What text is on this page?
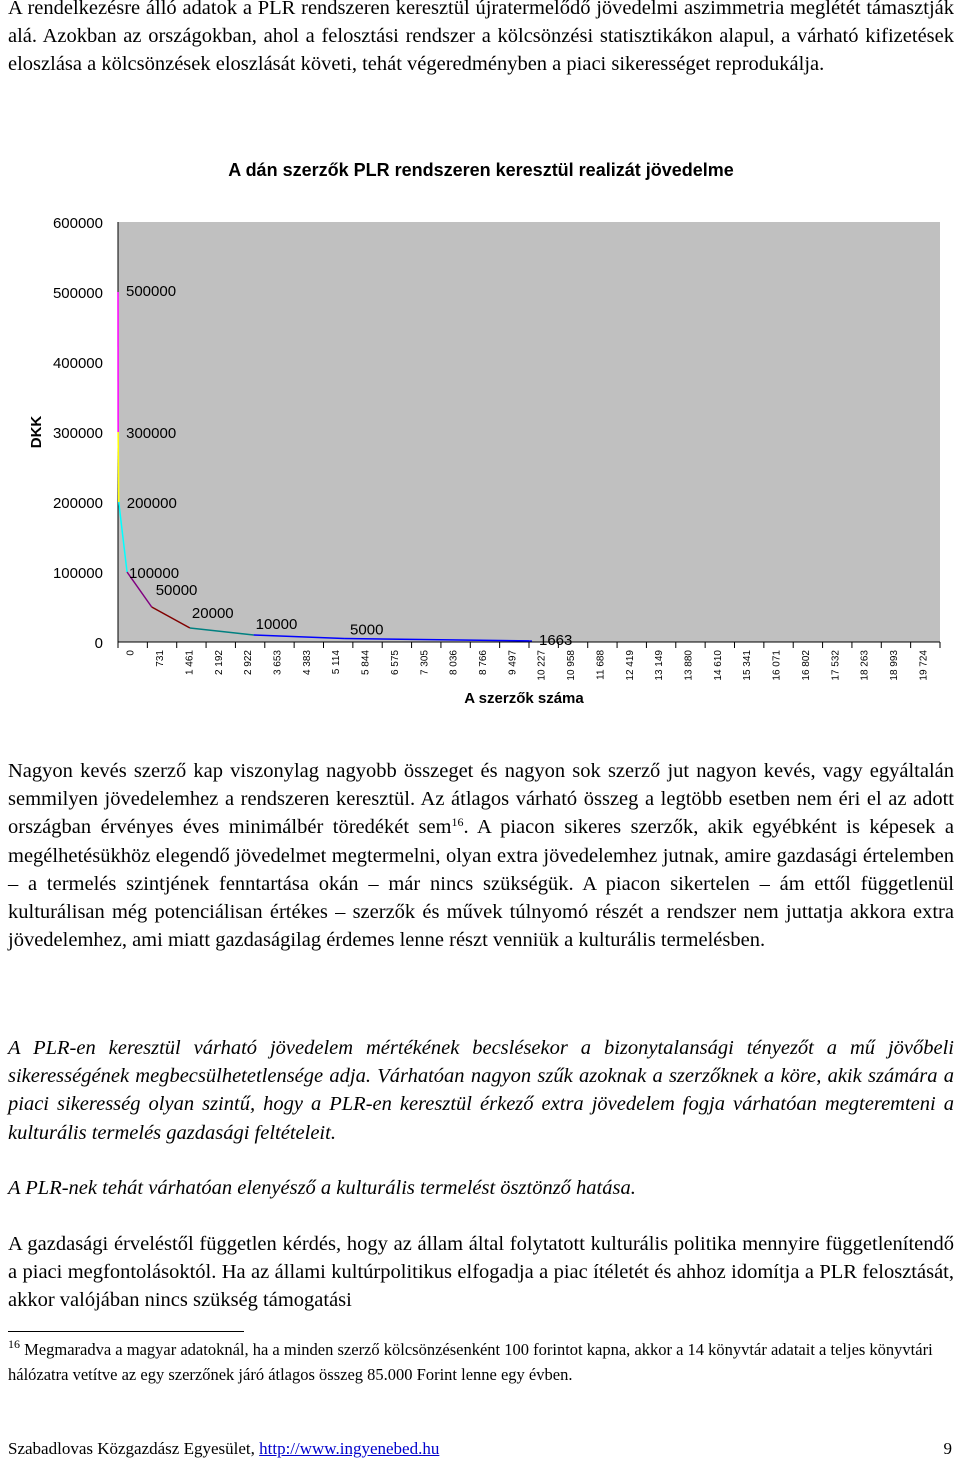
A rendelkezésre álló adatok a PLR rendszeren keresztül újratermelődő jövedelmi aszimmetria meglétét támasztják alá. Azokban az országokban, ahol a felosztási rendszer a kölcsönzési statisztikákon alapul, a várható kifizetések eloszlása a kölcsönzések eloszlását követi, tehát végeredményben a piaci sikerességet reprodukálja.
A dán szerzők PLR rendszeren keresztül realizát jövedelme
DKK
A szerzők száma
0
100000
200000
300000
400000
500000
600000
0 731 1 461 2 192 2 922 3 653 4 383 5 114 5 844 6 575 7 305 8 036 8 766 9 497 10 227 10 958 11 688 12 419 13 149 13 880 14 610 15 341 16 071 16 802 17 532 18 263 18 993 19 724
500000
300000
200000
100000
50000
20000
10000	5000
1663
Nagyon kevés szerző kap viszonylag nagyobb összeget és nagyon sok szerző jut nagyon kevés, vagy egyáltalán semmilyen jövedelemhez a rendszeren keresztül. Az átlagos várható összeg a legtöbb esetben nem éri el az adott országban érvényes éves minimálbér töredékét sem$^{16}$. A piacon sikeres szerzők, akik egyébként is képesek a megélhetésükhöz elegendő jövedelmet megtermelni, olyan extra jövedelemhez jutnak, amire gazdasági értelemben – a termelés szintjének fenntartása okán – már nincs szükségük. A piacon sikertelen – ám ettől függetlenül kulturálisan még potenciálisan értékes – szerzők és művek túlnyomó részét a rendszer nem juttatja akkora extra jövedelemhez, ami miatt gazdaságilag érdemes lenne részt venniük a kulturális termelésben.
A PLR-en keresztül várható jövedelem mértékének becslésekor a bizonytalansági tényezőt a mű jövőbeli sikerességének megbecsülhetetlensége adja. Várhatóan nagyon szűk azoknak a szerzőknek a köre, akik számára a piaci sikeresség olyan szintű, hogy a PLR-en keresztül érkező extra jövedelem fogja várhatóan megteremteni a kulturális termelés gazdasági feltételeit.
A PLR-nek tehát várhatóan elenyésző a kulturális termelést ösztönző hatása.
A gazdasági érveléstől független kérdés, hogy az állam által folytatott kulturális politika mennyire függetlenítendő a piaci megfontolásoktól. Ha az állami kultúrpolitikus elfogadja a piac ítéletét és ahhoz idomítja a PLR felosztását, akkor valójában nincs szükség támogatási
$^{16}$ Megmaradva a magyar adatoknál, ha a minden szerző kölcsönzésenként 100 forintot kapna, akkor a 14 könyvtár adatait a teljes könyvtári hálózatra vetítve az egy szerzőnek járó átlagos összeg 85.000 Forint lenne egy évben.
Szabadlovas Közgazdász Egyesület, http://www.ingyenebed.hu	9
